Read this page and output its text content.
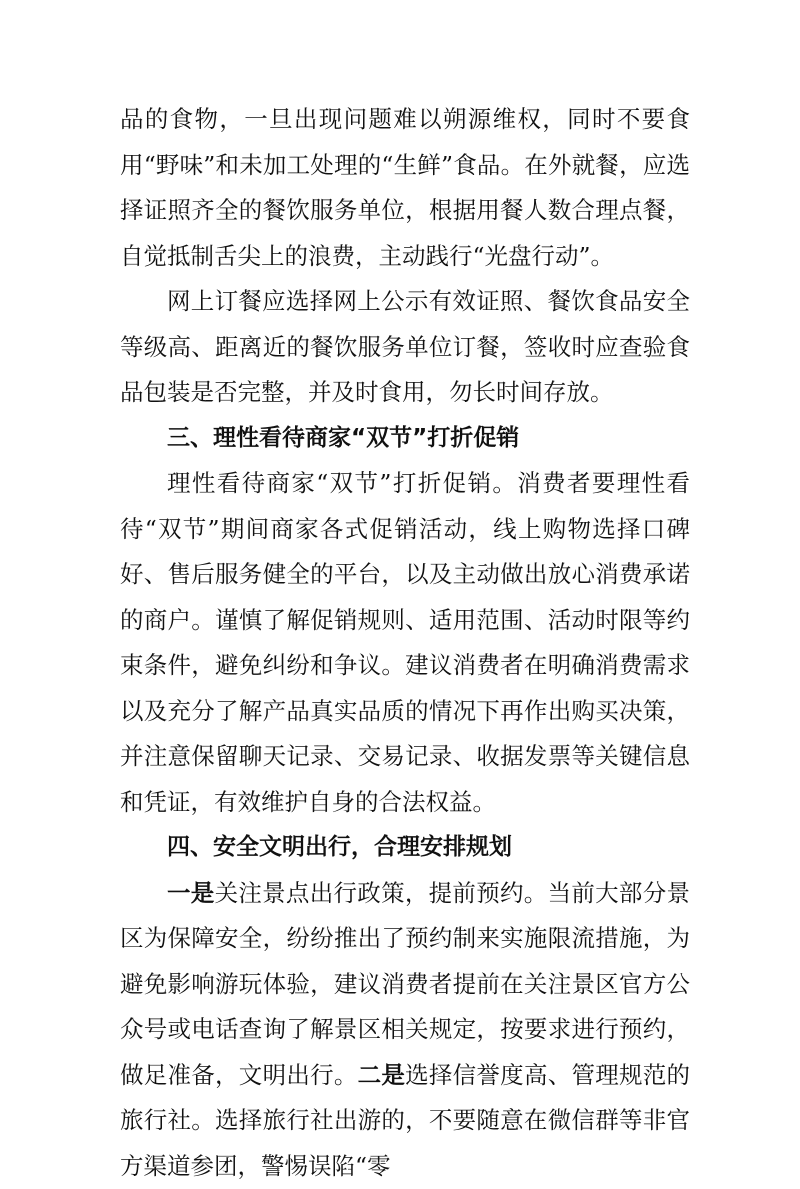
品的食物，一旦出现问题难以朔源维权，同时不要食用“野味”和未加工处理的“生鲜”食品。在外就餐，应选择证照齐全的餐饮服务单位，根据用餐人数合理点餐，自觉抵制舌尖上的浪费，主动践行“光盘行动”。

网上订餐应选择网上公示有效证照、餐饮食品安全等级高、距离近的餐饮服务单位订餐，签收时应查验食品包装是否完整，并及时食用，勿长时间存放。

三、理性看待商家“双节”打折促销

理性看待商家“双节”打折促销。消费者要理性看待“双节”期间商家各式促销活动，线上购物选择口碑好、售后服务健全的平台，以及主动做出放心消费承诺的商户。谨慎了解促销规则、适用范围、活动时限等约束条件，避免纠纷和争议。建议消费者在明确消费需求以及充分了解产品真实品质的情况下再作出购买决策，并注意保留聊天记录、交易记录、收据发票等关键信息和凭证，有效维护自身的合法权益。

四、安全文明出行，合理安排规划

一是关注景点出行政策，提前预约。当前大部分景区为保障安全，纷纷推出了预约制来实施限流措施，为避免影响游玩体验，建议消费者提前在关注景区官方公众号或电话查询了解景区相关规定，按要求进行预约，做足准备，文明出行。二是选择信誉度高、管理规范的旅行社。选择旅行社出游的，不要随意在微信群等非官方渠道参团，警惕误陷“零
